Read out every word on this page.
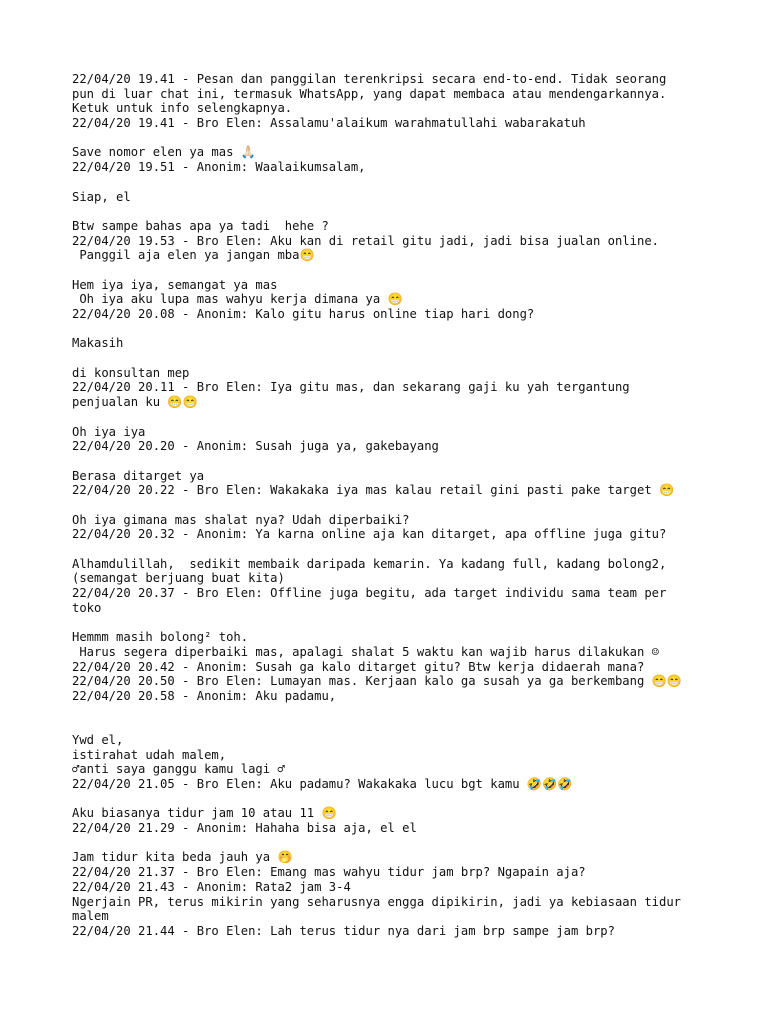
22/04/20 19.41 - Pesan dan panggilan terenkripsi secara end-to-end. Tidak seorang
pun di luar chat ini, termasuk WhatsApp, yang dapat membaca atau mendengarkannya.
Ketuk untuk info selengkapnya.
22/04/20 19.41 - Bro Elen: Assalamu'alaikum warahmatullahi wabarakatuh
Save nomor elen ya mas 🙏🏻
22/04/20 19.51 - Anonim: Waalaikumsalam,
Siap, el
Btw sampe bahas apa ya tadi  hehe ?
22/04/20 19.53 - Bro Elen: Aku kan di retail gitu jadi, jadi bisa jualan online.
Panggil aja elen ya jangan mba😁
Hem iya iya, semangat ya mas
Oh iya aku lupa mas wahyu kerja dimana ya 😁
22/04/20 20.08 - Anonim: Kalo gitu harus online tiap hari dong?
Makasih
di konsultan mep
22/04/20 20.11 - Bro Elen: Iya gitu mas, dan sekarang gaji ku yah tergantung
penjualan ku 😁😁
Oh iya iya
22/04/20 20.20 - Anonim: Susah juga ya, gakebayang
Berasa ditarget ya
22/04/20 20.22 - Bro Elen: Wakakaka iya mas kalau retail gini pasti pake target 😁
Oh iya gimana mas shalat nya? Udah diperbaiki?
22/04/20 20.32 - Anonim: Ya karna online aja kan ditarget, apa offline juga gitu?
Alhamdulillah,  sedikit membaik daripada kemarin. Ya kadang full, kadang bolong2,
(semangat berjuang buat kita)
22/04/20 20.37 - Bro Elen: Offline juga begitu, ada target individu sama team per
toko
Hemmm masih bolong² toh.
Harus segera diperbaiki mas, apalagi shalat 5 waktu kan wajib harus dilakukan ☺
22/04/20 20.42 - Anonim: Susah ga kalo ditarget gitu? Btw kerja didaerah mana?
22/04/20 20.50 - Bro Elen: Lumayan mas. Kerjaan kalo ga susah ya ga berkembang 😁😁
22/04/20 20.58 - Anonim: Aku padamu,
Ywd el,
istirahat udah malem,
♂anti saya ganggu kamu lagi ♂
22/04/20 21.05 - Bro Elen: Aku padamu? Wakakaka lucu bgt kamu 🤣🤣🤣
Aku biasanya tidur jam 10 atau 11 😁
22/04/20 21.29 - Anonim: Hahaha bisa aja, el el
Jam tidur kita beda jauh ya 🤭
22/04/20 21.37 - Bro Elen: Emang mas wahyu tidur jam brp? Ngapain aja?
22/04/20 21.43 - Anonim: Rata2 jam 3-4
Ngerjain PR, terus mikirin yang seharusnya engga dipikirin, jadi ya kebiasaan tidur
malem
22/04/20 21.44 - Bro Elen: Lah terus tidur nya dari jam brp sampe jam brp?
